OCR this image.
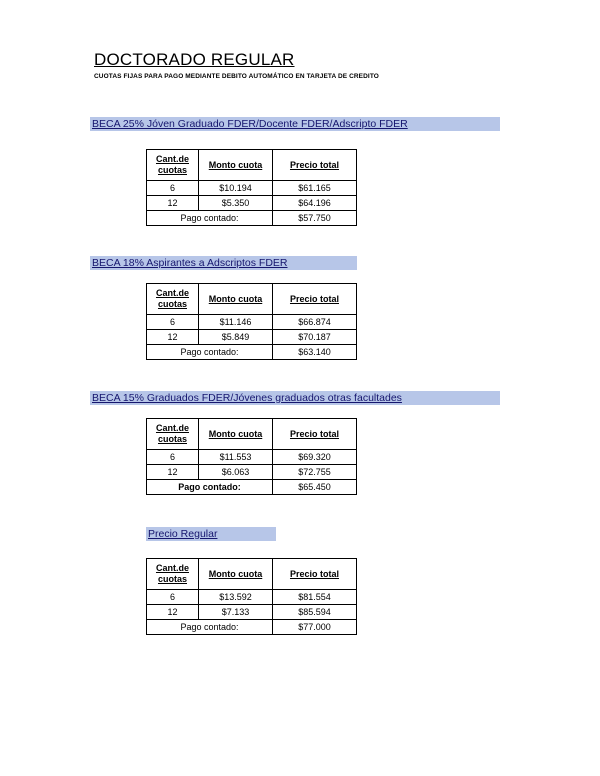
DOCTORADO REGULAR
CUOTAS FIJAS PARA PAGO MEDIANTE DEBITO AUTOMÁTICO EN TARJETA DE CREDITO
BECA 25% Jóven Graduado FDER/Docente FDER/Adscripto FDER
Cant.de cuotas	Monto cuota	Precio total
6	$10.194	$61.165
12	$5.350	$64.196
Pago contado:		$57.750
BECA 18% Aspirantes a Adscriptos FDER
Cant.de cuotas	Monto cuota	Precio total
6	$11.146	$66.874
12	$5.849	$70.187
Pago contado:		$63.140
BECA 15% Graduados FDER/Jóvenes graduados otras facultades
Cant.de cuotas	Monto cuota	Precio total
6	$11.553	$69.320
12	$6.063	$72.755
Pago contado:		$65.450
Precio Regular
Cant.de cuotas	Monto cuota	Precio total
6	$13.592	$81.554
12	$7.133	$85.594
Pago contado:		$77.000
